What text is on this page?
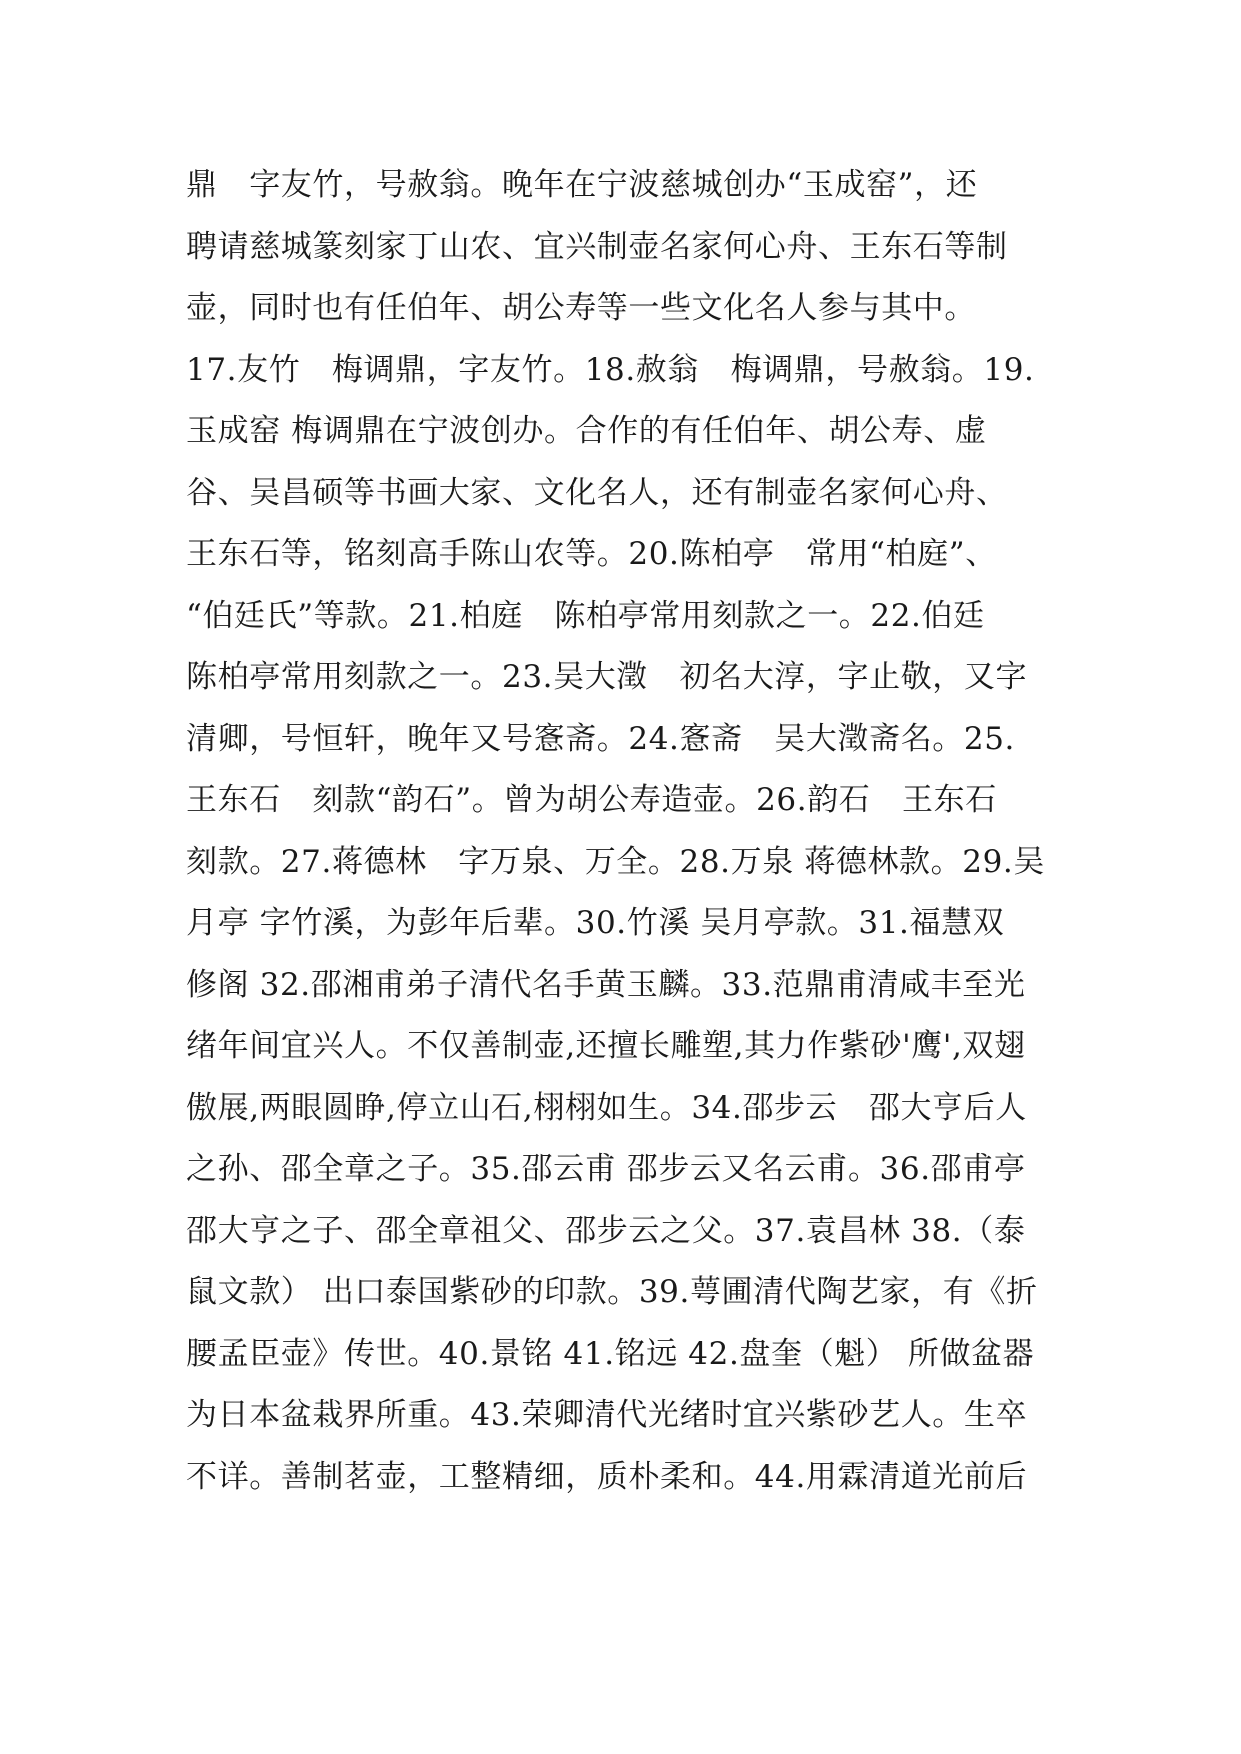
鼎　字友竹，号赦翁。晚年在宁波慈城创办“玉成窑”，还
聘请慈城篆刻家丁山农、宜兴制壶名家何心舟、王东石等制
壶，同时也有任伯年、胡公寿等一些文化名人参与其中。
17.友竹　梅调鼎，字友竹。18.赦翁　梅调鼎，号赦翁。19.
玉成窑 梅调鼎在宁波创办。合作的有任伯年、胡公寿、虚
谷、吴昌硕等书画大家、文化名人，还有制壶名家何心舟、
王东石等，铭刻高手陈山农等。20.陈柏亭　常用“柏庭”、
“伯廷氏”等款。21.柏庭　陈柏亭常用刻款之一。22.伯廷
陈柏亭常用刻款之一。23.吴大澂　初名大淳，字止敬，又字
清卿，号恒轩，晚年又号愙斋。24.愙斋　吴大澂斋名。25.
王东石　刻款“韵石”。曾为胡公寿造壶。26.韵石　王东石
刻款。27.蒋德林　字万泉、万全。28.万泉 蒋德林款。29.吴
月亭 字竹溪，为彭年后辈。30.竹溪 吴月亭款。31.福慧双
修阁 32.邵湘甫弟子清代名手黄玉麟。33.范鼎甫清咸丰至光
绪年间宜兴人。不仅善制壶,还擅长雕塑,其力作紫砂'鹰',双翅
傲展,两眼圆睁,停立山石,栩栩如生。34.邵步云　邵大亨后人
之孙、邵全章之子。35.邵云甫 邵步云又名云甫。36.邵甫亭
邵大亨之子、邵全章祖父、邵步云之父。37.袁昌林 38.（泰
鼠文款） 出口泰国紫砂的印款。39.萼圃清代陶艺家，有《折
腰孟臣壶》传世。40.景铭 41.铭远 42.盘奎（魁） 所做盆器
为日本盆栽界所重。43.荣卿清代光绪时宜兴紫砂艺人。生卒
不详。善制茗壶，工整精细，质朴柔和。44.用霖清道光前后
